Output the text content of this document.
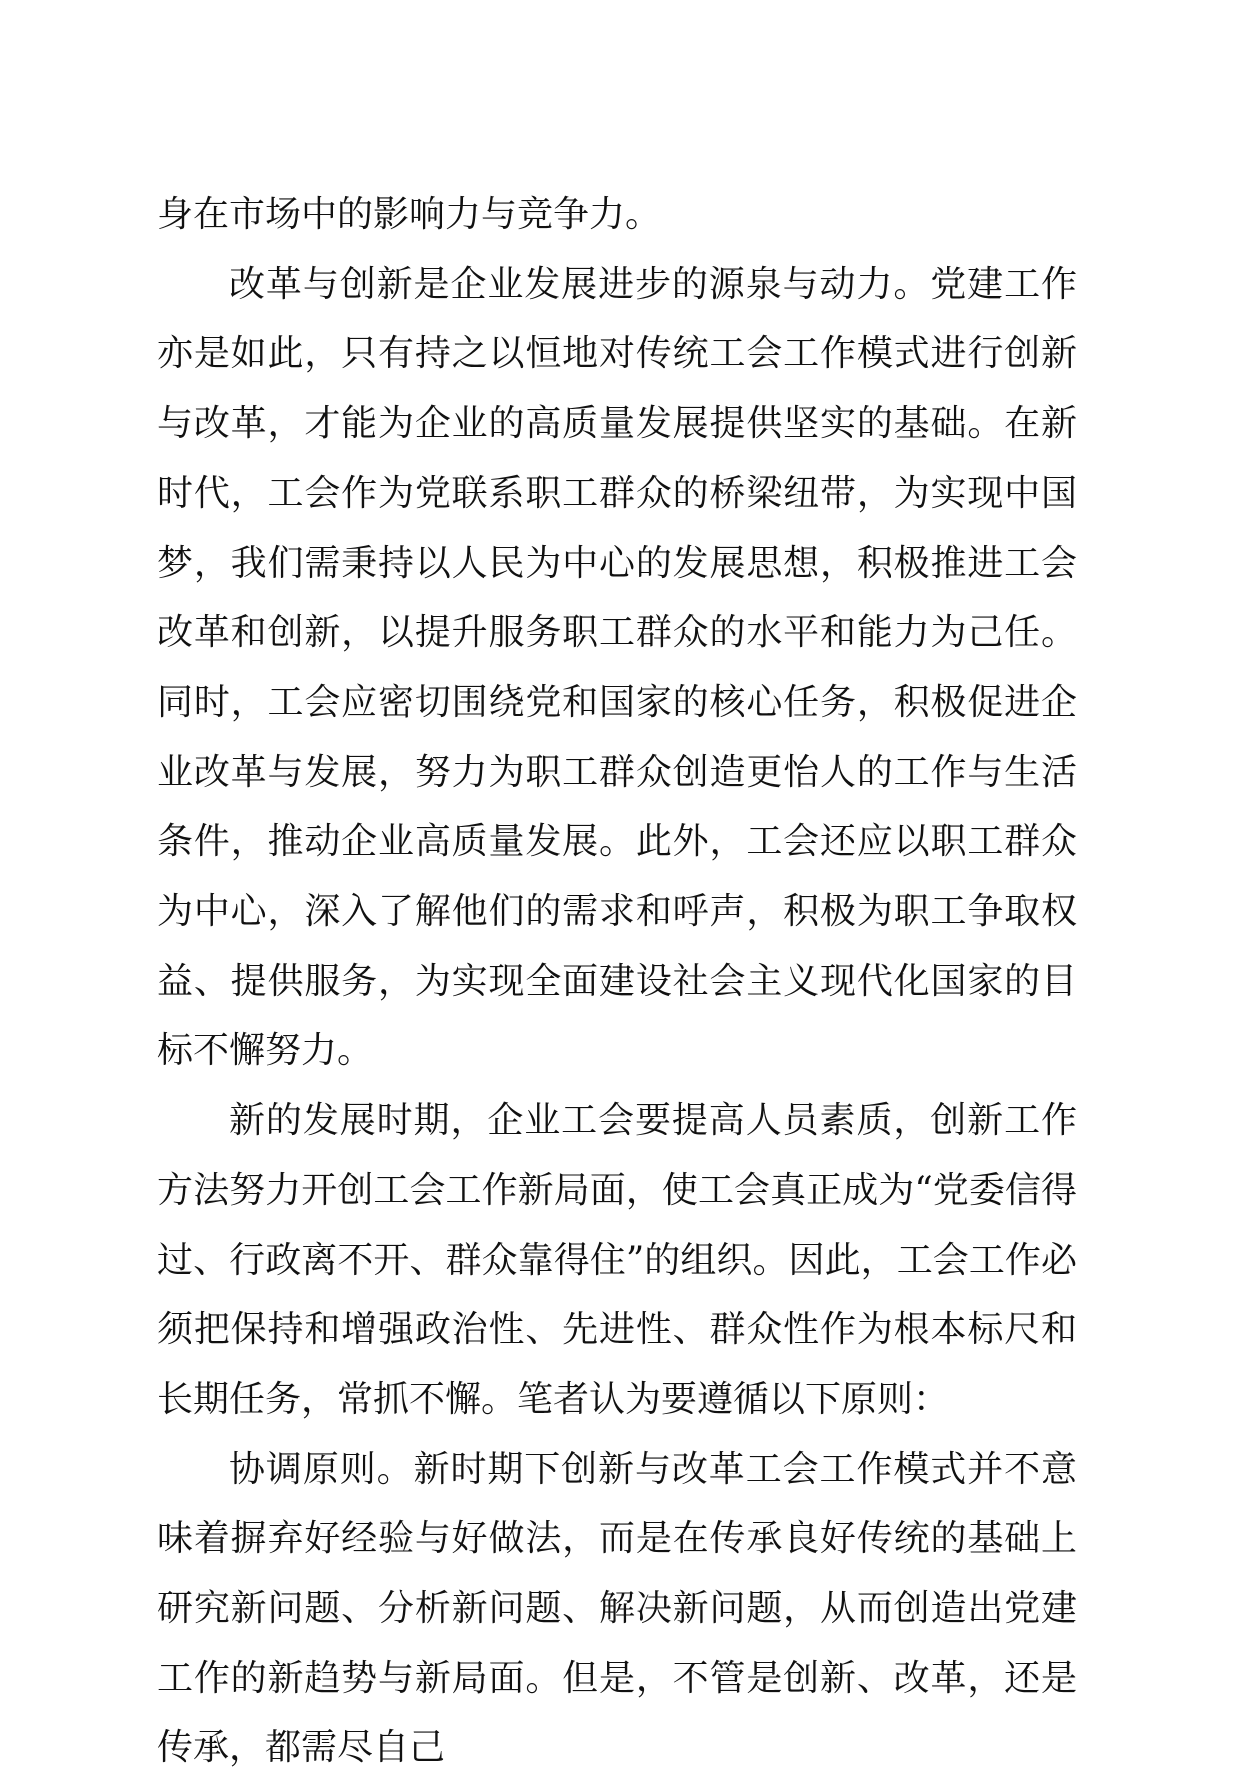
身在市场中的影响力与竞争力。

改革与创新是企业发展进步的源泉与动力。党建工作亦是如此，只有持之以恒地对传统工会工作模式进行创新与改革，才能为企业的高质量发展提供坚实的基础。在新时代，工会作为党联系职工群众的桥梁纽带，为实现中国梦，我们需秉持以人民为中心的发展思想，积极推进工会改革和创新，以提升服务职工群众的水平和能力为己任。同时，工会应密切围绕党和国家的核心任务，积极促进企业改革与发展，努力为职工群众创造更怡人的工作与生活条件，推动企业高质量发展。此外，工会还应以职工群众为中心，深入了解他们的需求和呼声，积极为职工争取权益、提供服务，为实现全面建设社会主义现代化国家的目标不懈努力。

新的发展时期，企业工会要提高人员素质，创新工作方法努力开创工会工作新局面，使工会真正成为“党委信得过、行政离不开、群众靠得住”的组织。因此，工会工作必须把保持和增强政治性、先进性、群众性作为根本标尺和长期任务，常抓不懈。笔者认为要遵循以下原则：

协调原则。新时期下创新与改革工会工作模式并不意味着摒弃好经验与好做法，而是在传承良好传统的基础上研究新问题、分析新问题、解决新问题，从而创造出党建工作的新趋势与新局面。但是，不管是创新、改革，还是传承，都需尽自己
